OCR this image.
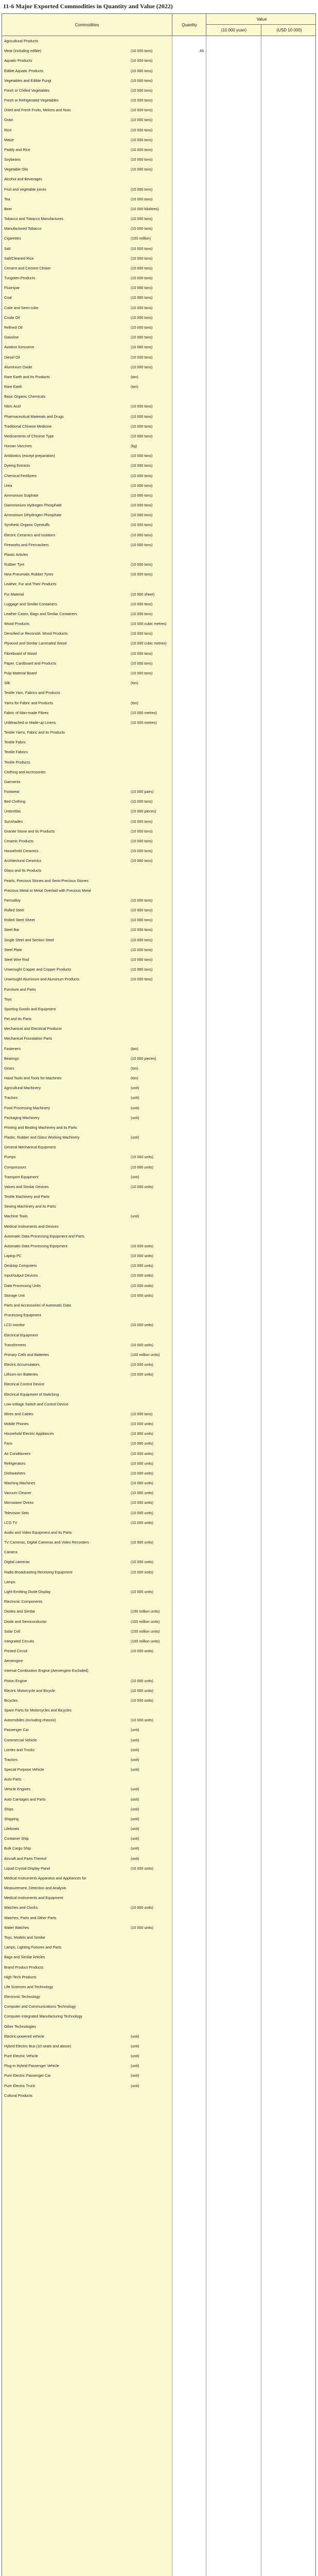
11-6 Major Exported Commodities in Quantity and Value (2022)
Commodities	Quantity
Value
(10 000 yuan)	(USD 10 000)
Agricultural Products
Meat (including edible)	(10 000 tons)	46
Aquatic Products	(10 000 tons)
Edible Aquatic Products	(10 000 tons)
Vegetables and Edible Fungi	(10 000 tons)
Fresh or Chilled Vegetables	(10 000 tons)
Fresh or Refrigerated Vegetables	(10 000 tons)
Dried and Fresh Fruits, Melons and Nuts	(10 000 tons)
Grain	(10 000 tons)
Rice	(10 000 tons)
Maize	(10 000 tons)
Paddy and Rice	(10 000 tons)
Soybeans	(10 000 tons)
Vegetable Oils	(10 000 tons)
Alcohol and Beverages
Fruit and vegetable juices	(10 000 tons)
Tea	(10 000 tons)
Beer	(10 000 kilolitres)
Tobacco and Tobacco Manufactures	(10 000 tons)
Manufactured Tobacco	(10 000 tons)
Cigarettes	(100 million)
Salt	(10 000 tons)
Salt/Cleaned Rice	(10 000 tons)
Cement and Cement Clinker	(10 000 tons)
Tungsten Products	(10 000 tons)
Fluorspar	(10 000 tons)
Coal	(10 000 tons)
Coke and Semi-coke	(10 000 tons)
Crude Oil	(10 000 tons)
Refined Oil	(10 000 tons)
Gasoline	(10 000 tons)
Aviation Kerosene	(10 000 tons)
Diesel Oil	(10 000 tons)
Aluminium Oxide	(10 000 tons)
Rare Earth and Its Products	(ton)
Rare Earth	(ton)
Basic Organic Chemicals
Nitric Acid	(10 000 tons)
Pharmaceutical Materials and Drugs	(10 000 tons)
Traditional Chinese Medicine	(10 000 tons)
Medicaments of Chinese Type	(10 000 tons)
Human Vaccines	(kg)
Antibiotics (except preparation)	(10 000 tons)
Dyeing Extracts	(10 000 tons)
Chemical Fertilizers	(10 000 tons)
Urea	(10 000 tons)
Ammonium Sulphate	(10 000 tons)
Diammonium Hydrogen Phosphate	(10 000 tons)
Ammonium Dihydrogen Phosphate	(10 000 tons)
Synthetic Organic Dyestuffs	(10 000 tons)
Electric Ceramics and Isolators	(10 000 tons)
Fireworks and Firecrackers	(10 000 tons)
Plastic Articles
Rubber Tyre	(10 000 tons)
New Pneumatic Rubber Tyres	(10 000 tons)
Leather, Fur and Their Products
Fur Material	(10 000 sheet)
Luggage and Similar Containers	(10 000 tons)
Leather Cases, Bags and Similar Containers	(10 000 tons)
Wood Products	(10 000 cubic metres)
Densified or Reconstit. Wood Products	(10 000 tons)
Plywood and Similar Laminated Wood	(10 000 cubic metres)
Fibreboard of Wood	(10 000 tons)
Paper, Cardboard and Products	(10 000 tons)
Pulp Material Board	(10 000 tons)
Silk	(ton)
Textile Yarn, Fabrics and Products
Yarns for Fabric and Products	(ton)
Fabric of Man-made Fibres	(10 000 metres)
Unbleached or Made-up Linens	(10 000 metres)
Textile Yarns, Fabric and its Products
Textile Fabric
Textile Fabrics
Textile Products
Clothing and Accessories
Garments
Footwear	(10 000 pairs)
Bed Clothing	(10 000 tons)
Umbrellas	(10 000 pieces)
Sunshades	(10 000 tons)
Granite Stone and Its Products	(10 000 tons)
Ceramic Products	(10 000 tons)
Household Ceramics	(10 000 tons)
Architectural Ceramics	(10 000 tons)
Glass and Its Products
Pearls, Precious Stones and Semi-Precious Stones
Precious Metal or Metal Overlaid with Precious Metal
Ferroalloy	(10 000 tons)
Rolled Steel	(10 000 tons)
Rolled Steel Sheet	(10 000 tons)
Steel Bar	(10 000 tons)
Single Steel and Section Steel	(10 000 tons)
Steel Plate	(10 000 tons)
Steel Wire Rod	(10 000 tons)
Unwrought Copper and Copper Products	(10 000 tons)
Unwrought Aluminum and Aluminum Products	(10 000 tons)
Furniture and Parts
Toys
Sporting Goods and Equipment
Pet and Its Parts
Mechanical and Electrical Products
Mechanical Foundation Parts
Fasteners	(ton)
Bearings	(10 000 pieces)
Gears	(ton)
Hand Tools and Tools for Machines	(ton)
Agricultural Machinery	(unit)
Tractors	(unit)
Food Processing Machinery	(unit)
Packaging Machinery	(unit)
Printing and Binding Machinery and its Parts
Plastic, Rubber and Glass Working Machinery	(unit)
General Mechanical Equipment
Pumps	(10 000 units)
Compressors	(10 000 units)
Transport Equipment	(unit)
Valves and Similar Devices	(10 000 units)
Textile Machinery and Parts
Sewing Machinery and its Parts
Machine Tools	(unit)
Medical Instruments and Devices
Automatic Data Processing Equipment and Parts
Automatic Data Processing Equipment	(10 000 units)
Laptop PC	(10 000 units)
Desktop Computers	(10 000 units)
Input/output Devices	(10 000 units)
Data Processing Units	(10 000 units)
Storage Unit	(10 000 units)
Parts and Accessories of Automatic Data
Processing Equipment
LCD monitor	(10 000 units)
Electrical Equipment
Transformers	(10 000 units)
Primary Cells and Batteries	(100 million units)
Electric Accumulators	(10 000 units)
Lithium-ion Batteries	(10 000 units)
Electrical Control Device
Electrical Equipment of Switching
Low-voltage Switch and Control Device
Wires and Cables	(10 000 tons)
Mobile Phones	(10 000 units)
Household Electric Appliances	(10 000 units)
Fans	(10 000 units)
Air Conditioners	(10 000 units)
Refrigerators	(10 000 units)
Dishwashers	(10 000 units)
Washing Machines	(10 000 units)
Vacuum Cleaner	(10 000 units)
Microwave Ovens	(10 000 units)
Television Sets	(10 000 units)
LCD TV	(10 000 units)
Audio and Video Equipment and Its Parts
TV Cameras, Digital Cameras and Video Recorders	(10 000 units)
Camera
Digital cameras	(10 000 units)
Radio Broadcasting Receiving Equipment	(10 000 units)
Lamps
Light-Emitting Diode Display	(10 000 units)
Electronic Components
Diodes and Similar	(100 million units)
Diode and Semiconductor	(100 million units)
Solar Cell	(100 million units)
Integrated Circuits	(100 million units)
Printed Circuit	(10 000 units)
Aeroengine
Internal Combustion Engine (Aeroengine Excluded)
Piston Engine	(10 000 units)
Electric Motorcycle and Bicycle	(10 000 units)
Bicycles	(10 000 units)
Spare Parts for Motorcycles and Bicycles
Automobiles (including chassis)	(10 000 units)
Passenger Car	(unit)
Commercial Vehicle	(unit)
Lorries and Trucks	(unit)
Tractors	(unit)
Special Purpose Vehicle	(unit)
Auto Parts
Vehicle Engines	(unit)
Auto Carriages and Parts	(unit)
Ships	(unit)
Shipping	(unit)
Lifeboats	(unit)
Container Ship	(unit)
Bulk Cargo Ship	(unit)
Aircraft and Parts Thereof	(unit)
Liquid Crystal Display Panel	(10 000 units)
Medical Instruments Apparatus and Appliances for
Measurement, Detection and Analysis
Medical Instruments and Equipment
Watches and Clocks	(10 000 units)
Watches, Parts and Other Parts
Water Watches	(10 000 units)
Toys, Models and Similar
Lamps, Lighting Fixtures and Parts
Bags and Similar Articles
Brand Product Products
High-Tech Products
Life Sciences and Technology
Electronic Technology
Computer and Communications Technology
Computer-Integrated Manufacturing Technology
Other Technologies
Electric-powered vehicle	(unit)
Hybrid Electric Bus (10 seats and above)	(unit)
Pure Electric Vehicle	(unit)
Plug-in Hybrid Passenger Vehicle	(unit)
Pure Electric Passenger Car	(unit)
Pure Electric Truck	(unit)
Cultural Products
